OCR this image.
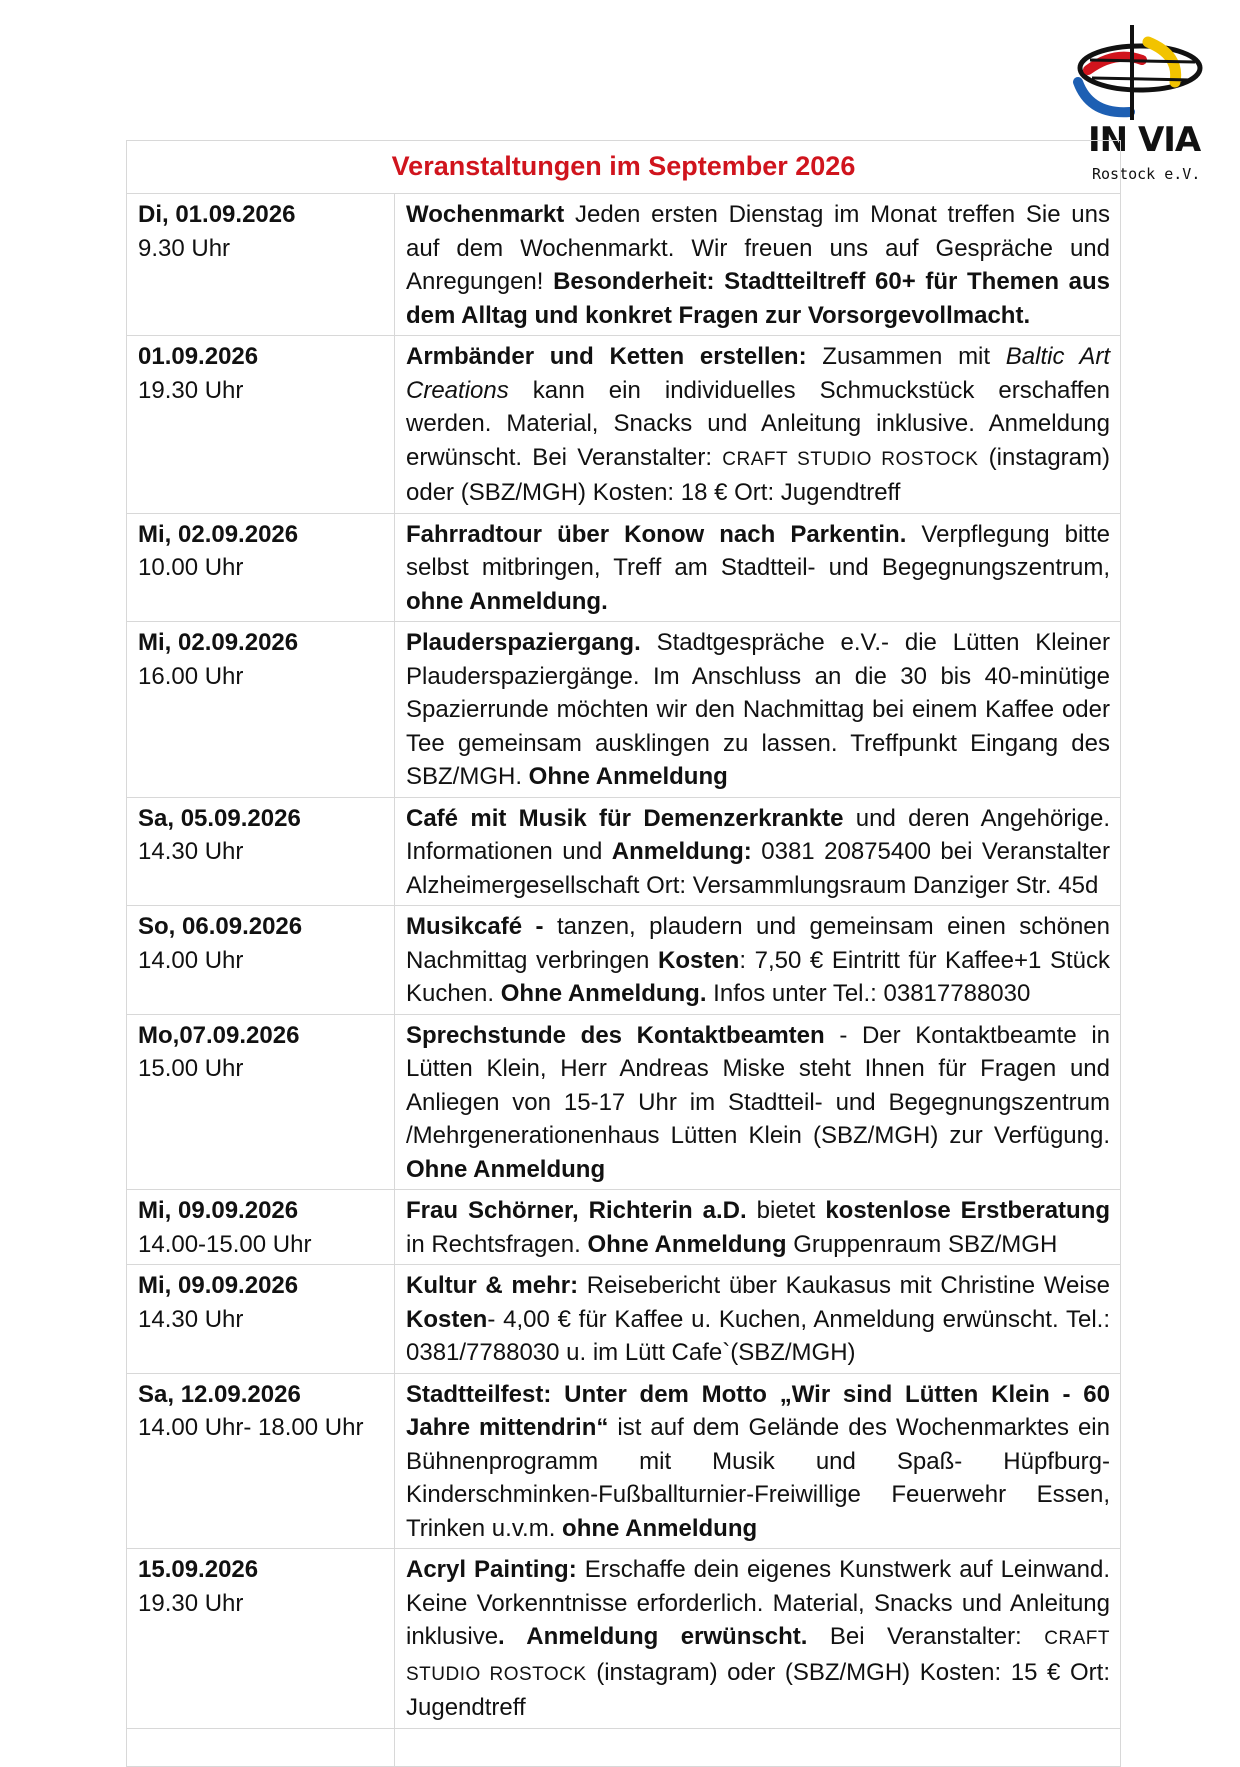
IN VIA
Rostock e.V.
Veranstaltungen im September 2026	

Di, 01.09.2026
9.30 Uhr	Wochenmarkt Jeden ersten Dienstag im Monat treffen Sie uns auf dem Wochenmarkt. Wir freuen uns auf Gespräche und Anregungen! Besonderheit: Stadtteiltreff 60+ für Themen aus dem Alltag und konkret Fragen zur Vorsorgevollmacht.

01.09.2026
19.30 Uhr	Armbänder und Ketten erstellen: Zusammen mit Baltic Art Creations kann ein individuelles Schmuckstück erschaffen werden. Material, Snacks und Anleitung inklusive. Anmeldung erwünscht. Bei Veranstalter: CRAFT STUDIO ROSTOCK (instagram) oder (SBZ/MGH) Kosten: 18 € Ort: Jugendtreff

Mi, 02.09.2026
10.00 Uhr	Fahrradtour über Konow nach Parkentin. Verpflegung bitte selbst mitbringen, Treff am Stadtteil- und Begegnungszentrum, ohne Anmeldung.

Mi, 02.09.2026
16.00 Uhr	Plauderspaziergang. Stadtgespräche e.V.- die Lütten Kleiner Plauderspaziergänge. Im Anschluss an die 30 bis 40-minütige Spazierrunde möchten wir den Nachmittag bei einem Kaffee oder Tee gemeinsam ausklingen zu lassen. Treffpunkt Eingang des SBZ/MGH. Ohne Anmeldung

Sa, 05.09.2026
14.30 Uhr	Café mit Musik für Demenzerkrankte und deren Angehörige. Informationen und Anmeldung: 0381 20875400 bei Veranstalter Alzheimergesellschaft Ort: Versammlungsraum Danziger Str. 45d

So, 06.09.2026
14.00 Uhr	Musikcafé - tanzen, plaudern und gemeinsam einen schönen Nachmittag verbringen Kosten: 7,50 € Eintritt für Kaffee+1 Stück Kuchen. Ohne Anmeldung. Infos unter Tel.: 03817788030

Mo,07.09.2026
15.00 Uhr	Sprechstunde des Kontaktbeamten - Der Kontaktbeamte in Lütten Klein, Herr Andreas Miske steht Ihnen für Fragen und Anliegen von 15-17 Uhr im Stadtteil- und Begegnungszentrum /Mehrgenerationenhaus Lütten Klein (SBZ/MGH) zur Verfügung. Ohne Anmeldung

Mi, 09.09.2026
14.00-15.00 Uhr	Frau Schörner, Richterin a.D. bietet kostenlose Erstberatung in Rechtsfragen. Ohne Anmeldung Gruppenraum SBZ/MGH

Mi, 09.09.2026
14.30 Uhr	Kultur & mehr: Reisebericht über Kaukasus mit Christine Weise Kosten- 4,00 € für Kaffee u. Kuchen, Anmeldung erwünscht. Tel.: 0381/7788030 u. im Lütt Cafe`(SBZ/MGH)

Sa, 12.09.2026
14.00 Uhr- 18.00 Uhr	Stadtteilfest: Unter dem Motto „Wir sind Lütten Klein - 60 Jahre mittendrin“ ist auf dem Gelände des Wochenmarktes ein Bühnenprogramm mit Musik und Spaß- Hüpfburg- Kinderschminken-Fußballturnier-Freiwillige Feuerwehr Essen, Trinken u.v.m. ohne Anmeldung

15.09.2026
19.30 Uhr	Acryl Painting: Erschaffe dein eigenes Kunstwerk auf Leinwand. Keine Vorkenntnisse erforderlich. Material, Snacks und Anleitung inklusive. Anmeldung erwünscht. Bei Veranstalter: CRAFT STUDIO ROSTOCK (instagram) oder (SBZ/MGH) Kosten: 15 € Ort: Jugendtreff
